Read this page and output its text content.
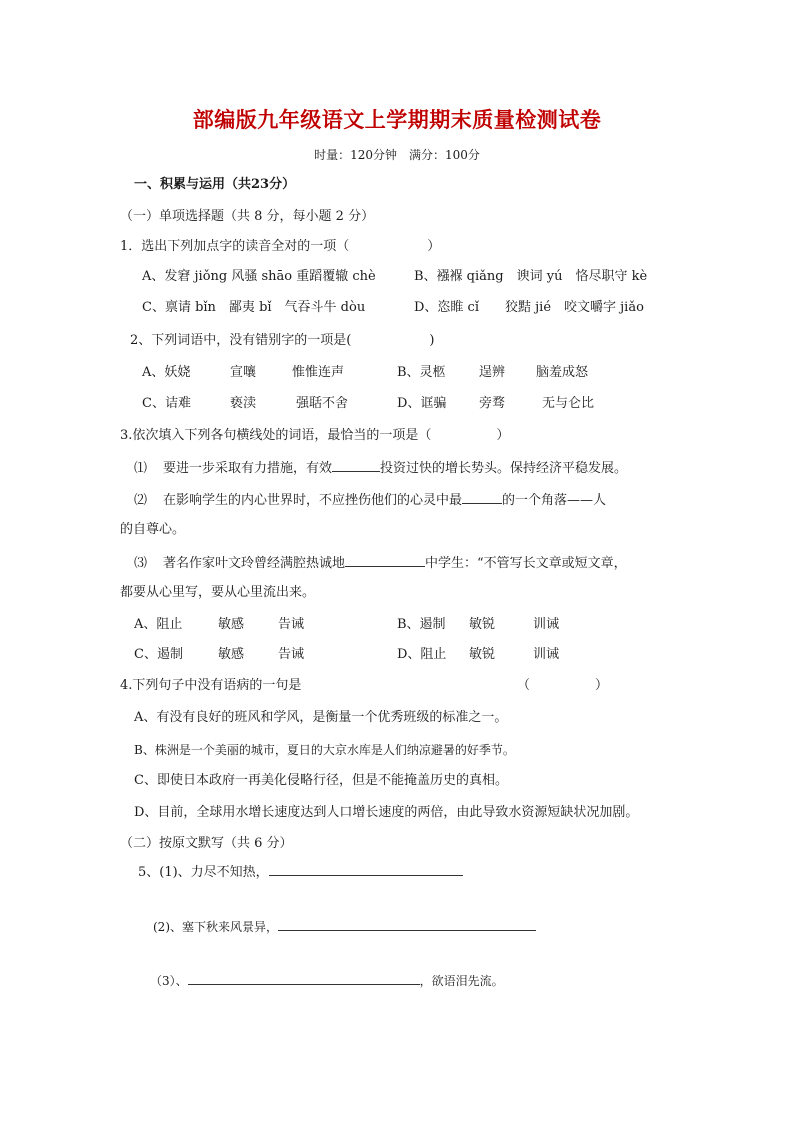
部编版九年级语文上学期期末质量检测试卷
时量：120分钟　满分：100分
一、积累与运用（共23分）
（一）单项选择题（共 8 分，每小题 2 分）
1．选出下列加点字的读音全对的一项（　　　　　　）
A、发窘 jiǒng 风骚 shāo 重蹈覆辙 chè	B、襁褓 qiǎng　谀词 yú　恪尽职守 kè
C、禀请 bǐn　鄙夷 bǐ　气吞斗牛 dòu	D、恣睢 cǐ　　狡黠 jié　咬文嚼字 jiǎo
2、下列词语中，没有错别字的一项是(　　　　　　)
A、妖娆	宣嚷	惟惟连声	B、灵柩	逞辨 脑羞成怒
C、诘难	亵渎	强聒不舍	D、诓骗	旁骛	无与仑比
3.依次填入下列各句横线处的词语，最恰当的一项是（　　　　　）
⑴ 要进一步采取有力措施，有效	投资过快的增长势头。保持经济平稳发展。
⑵ 在影响学生的内心世界时，不应挫伤他们的心灵中最	的一个角落——人
的自尊心。
⑶ 著名作家叶文玲曾经满腔热诚地	中学生：“不管写长文章或短文章，
都要从心里写，要从心里流出来。
A、阻止	敏感	告诫	B、遏制 敏锐	训诫
C、遏制	敏感	告诫	D、阻止 敏锐	训诫
4.下列句子中没有语病的一句是	（　　　　　）
A、有没有良好的班风和学风，是衡量一个优秀班级的标准之一。
B、株洲是一个美丽的城市，夏日的大京水库是人们纳凉避暑的好季节。
C、即使日本政府一再美化侵略行径，但是不能掩盖历史的真相。
D、目前，全球用水增长速度达到人口增长速度的两倍，由此导致水资源短缺状况加剧。
（二）按原文默写（共 6 分）
5、(1)、力尽不知热，
(2)、塞下秋来风景异，
（3）、	，欲语泪先流。
